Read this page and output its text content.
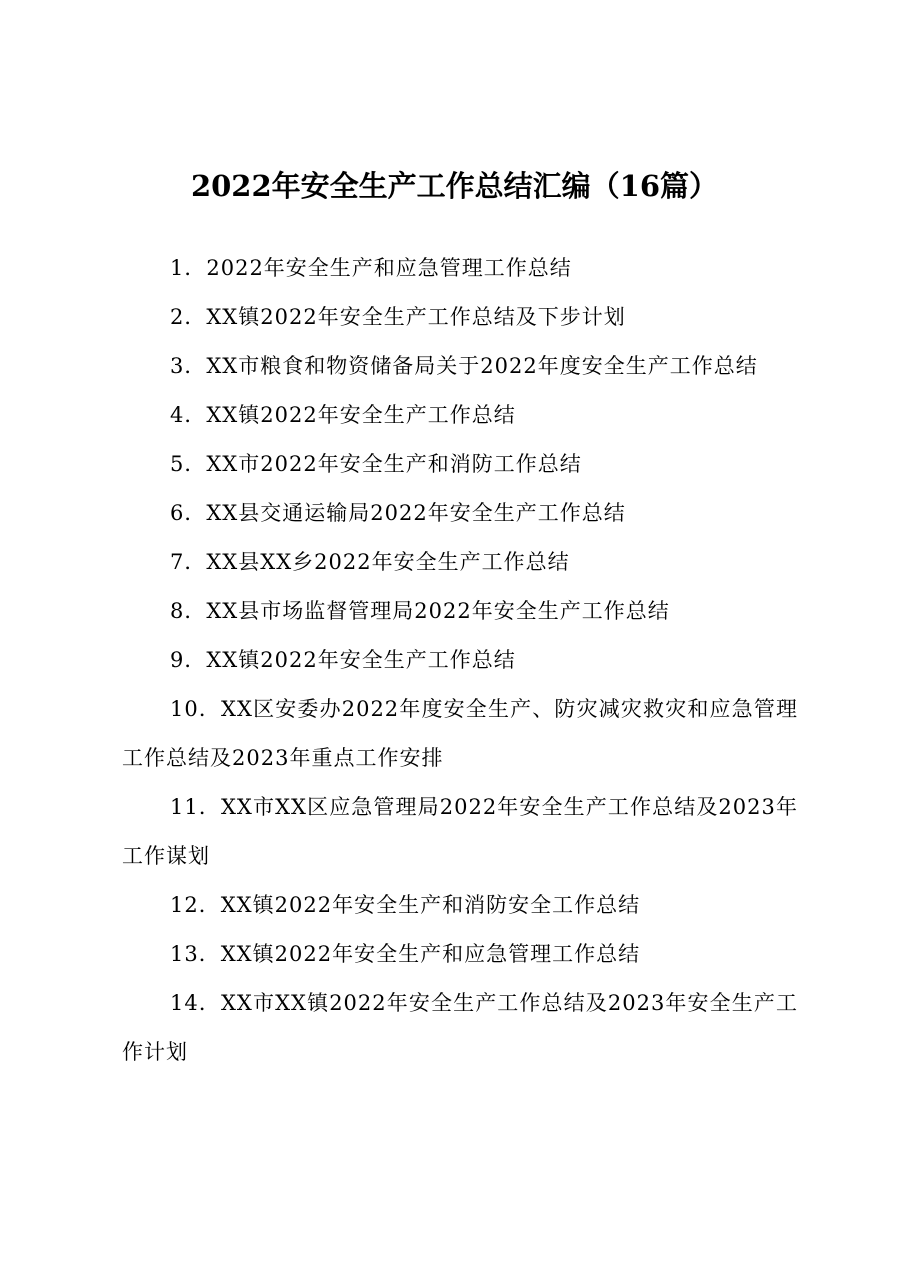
2022年安全生产工作总结汇编（16篇）

1．2022年安全生产和应急管理工作总结

2．XX镇2022年安全生产工作总结及下步计划

3．XX市粮食和物资储备局关于2022年度安全生产工作总结

4．XX镇2022年安全生产工作总结

5．XX市2022年安全生产和消防工作总结

6．XX县交通运输局2022年安全生产工作总结

7．XX县XX乡2022年安全生产工作总结

8．XX县市场监督管理局2022年安全生产工作总结

9．XX镇2022年安全生产工作总结

10．XX区安委办2022年度安全生产、防灾减灾救灾和应急管理工作总结及2023年重点工作安排

11．XX市XX区应急管理局2022年安全生产工作总结及2023年工作谋划

12．XX镇2022年安全生产和消防安全工作总结

13．XX镇2022年安全生产和应急管理工作总结

14．XX市XX镇2022年安全生产工作总结及2023年安全生产工作计划
